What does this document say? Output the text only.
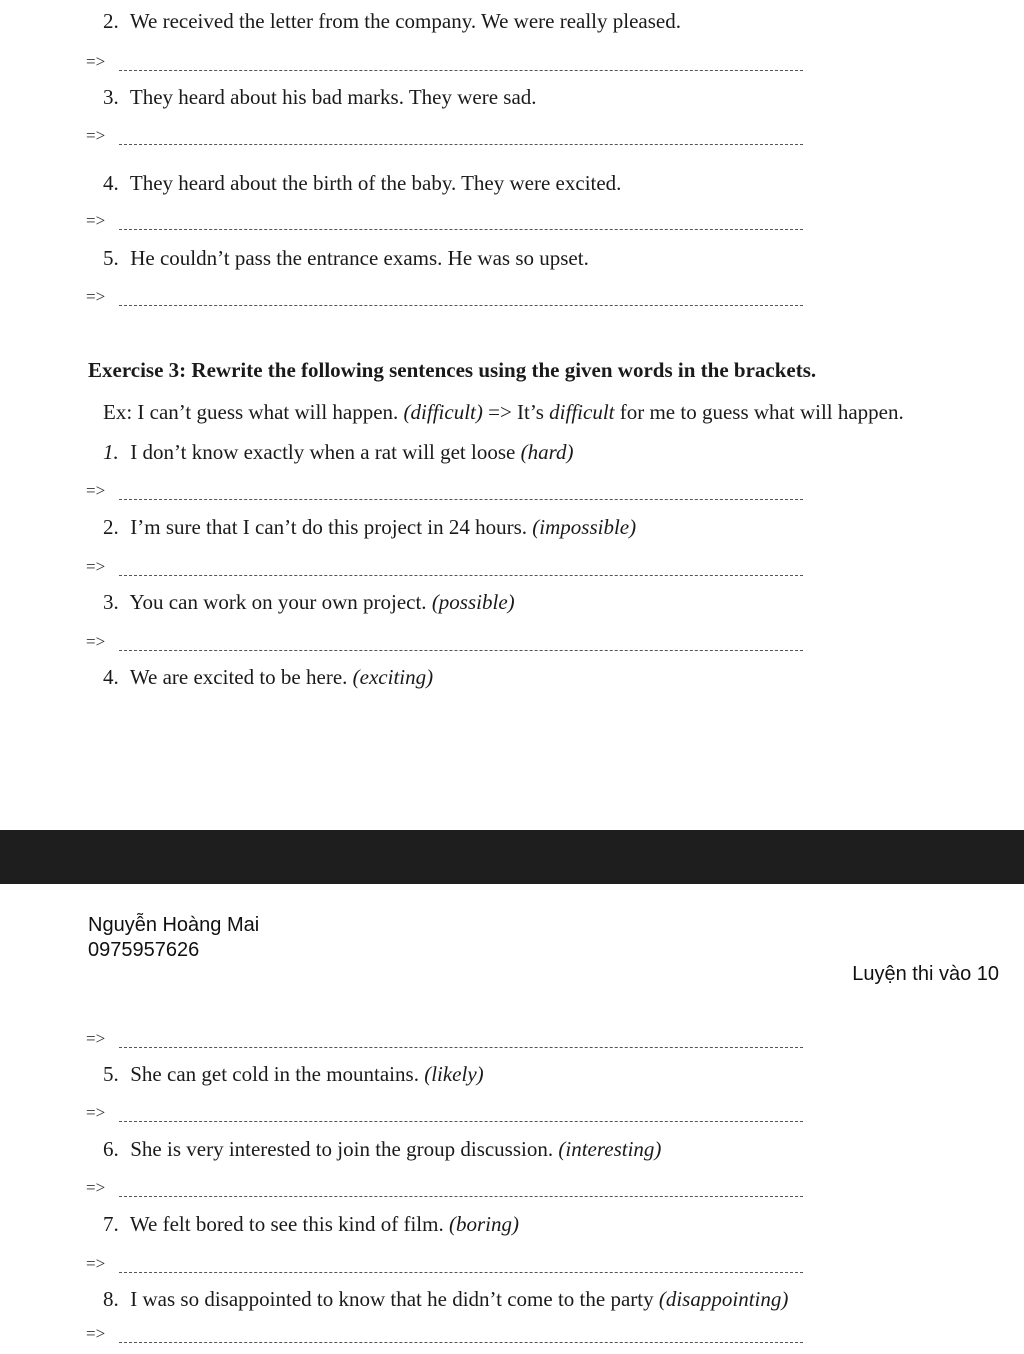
2. We received the letter from the company. We were really pleased.
=>
3. They heard about his bad marks. They were sad.
=>
4. They heard about the birth of the baby. They were excited.
=>
5. He couldn’t pass the entrance exams. He was so upset.
=>
Exercise 3: Rewrite the following sentences using the given words in the brackets.
Ex: I can’t guess what will happen. (difficult) => It’s difficult for me to guess what will happen.
1. I don’t know exactly when a rat will get loose (hard)
=>
2. I’m sure that I can’t do this project in 24 hours. (impossible)
=>
3. You can work on your own project. (possible)
=>
4. We are excited to be here. (exciting)
Nguyễn Hoàng Mai
0975957626
Luyện thi vào 10
=>
5. She can get cold in the mountains. (likely)
=>
6. She is very interested to join the group discussion. (interesting)
=>
7. We felt bored to see this kind of film. (boring)
=>
8. I was so disappointed to know that he didn’t come to the party (disappointing)
=>
